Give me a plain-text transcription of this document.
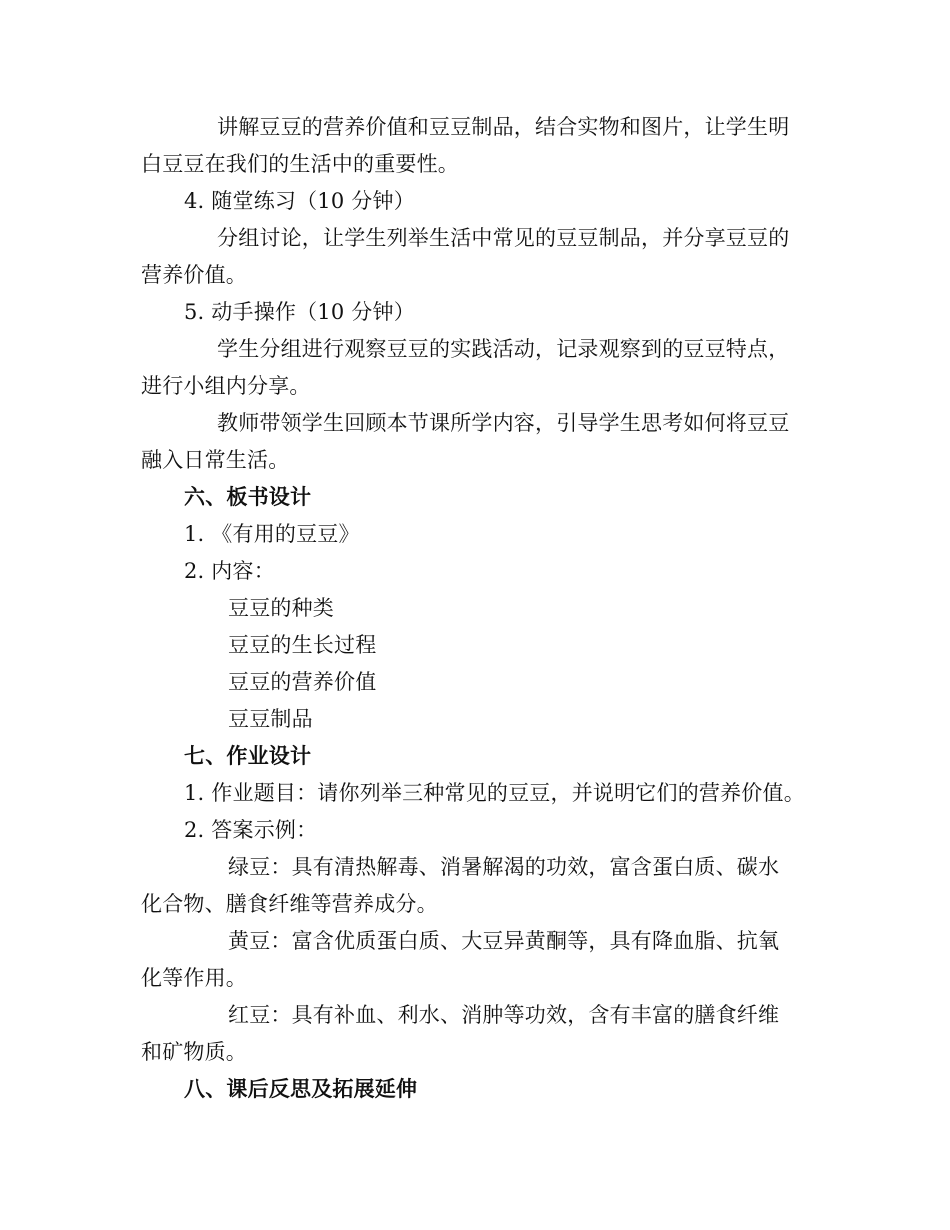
讲解豆豆的营养价值和豆豆制品，结合实物和图片，让学生明
白豆豆在我们的生活中的重要性。
4. 随堂练习（10 分钟）
分组讨论，让学生列举生活中常见的豆豆制品，并分享豆豆的
营养价值。
5. 动手操作（10 分钟）
学生分组进行观察豆豆的实践活动，记录观察到的豆豆特点，
进行小组内分享。
教师带领学生回顾本节课所学内容，引导学生思考如何将豆豆
融入日常生活。
六、板书设计
1. 《有用的豆豆》
2. 内容：
豆豆的种类
豆豆的生长过程
豆豆的营养价值
豆豆制品
七、作业设计
1. 作业题目：请你列举三种常见的豆豆，并说明它们的营养价值。
2. 答案示例：
绿豆：具有清热解毒、消暑解渴的功效，富含蛋白质、碳水
化合物、膳食纤维等营养成分。
黄豆：富含优质蛋白质、大豆异黄酮等，具有降血脂、抗氧
化等作用。
红豆：具有补血、利水、消肿等功效，含有丰富的膳食纤维
和矿物质。
八、课后反思及拓展延伸
